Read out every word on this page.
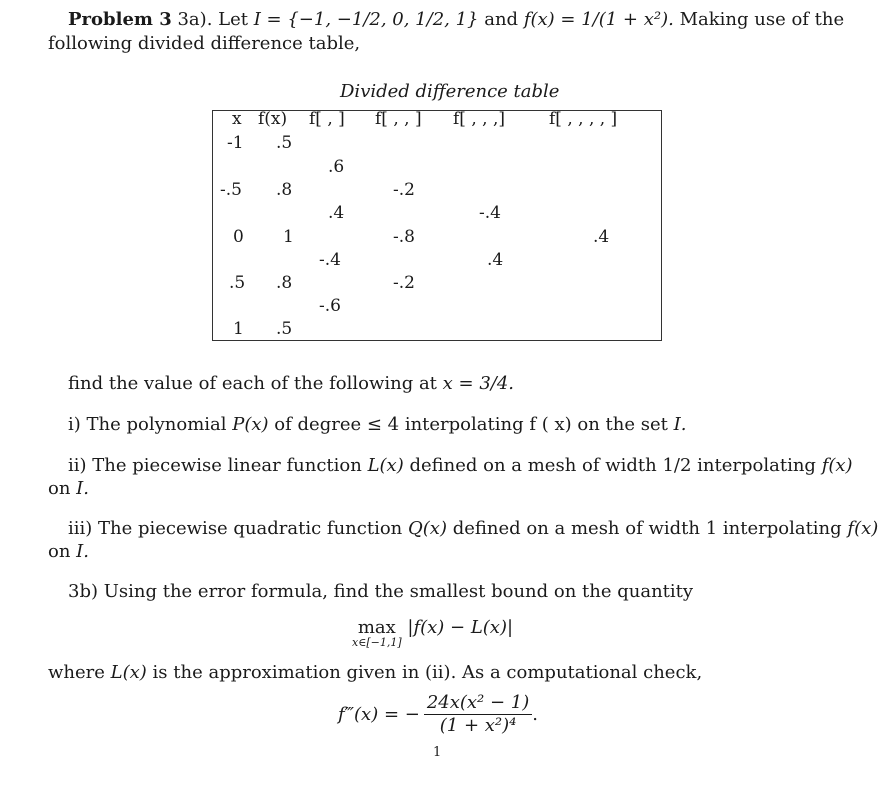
Problem 3 3a). Let I = {−1, −1/2, 0, 1/2, 1} and f(x) = 1/(1 + x²). Making use of the
following divided difference table,
Divided difference table
x f(x) f[ , ] f[ , , ] f[ , , ,]	f[ , , , , ]
-1
-.5
0
.5
1
.5
.8
1
.8
.5
.6
.4
-.4
-.6
-.2
-.8
-.2
-.4
.4
.4
find the value of each of the following at x = 3/4.
i) The polynomial P(x) of degree ≤ 4 interpolating f ( x) on the set I.
ii) The piecewise linear function L(x) defined on a mesh of width 1/2 interpolating f(x)
on I.
iii) The piecewise quadratic function Q(x) defined on a mesh of width 1 interpolating f(x)
on I.
3b) Using the error formula, find the smallest bound on the quantity
max
x∈[−1,1]
|f(x) − L(x)|
where L(x) is the approximation given in (ii). As a computational check,
f‴(x) = − $\frac{\text{24x(x² − 1)}}{\text{(1 + x²)⁴}}$ .
1
